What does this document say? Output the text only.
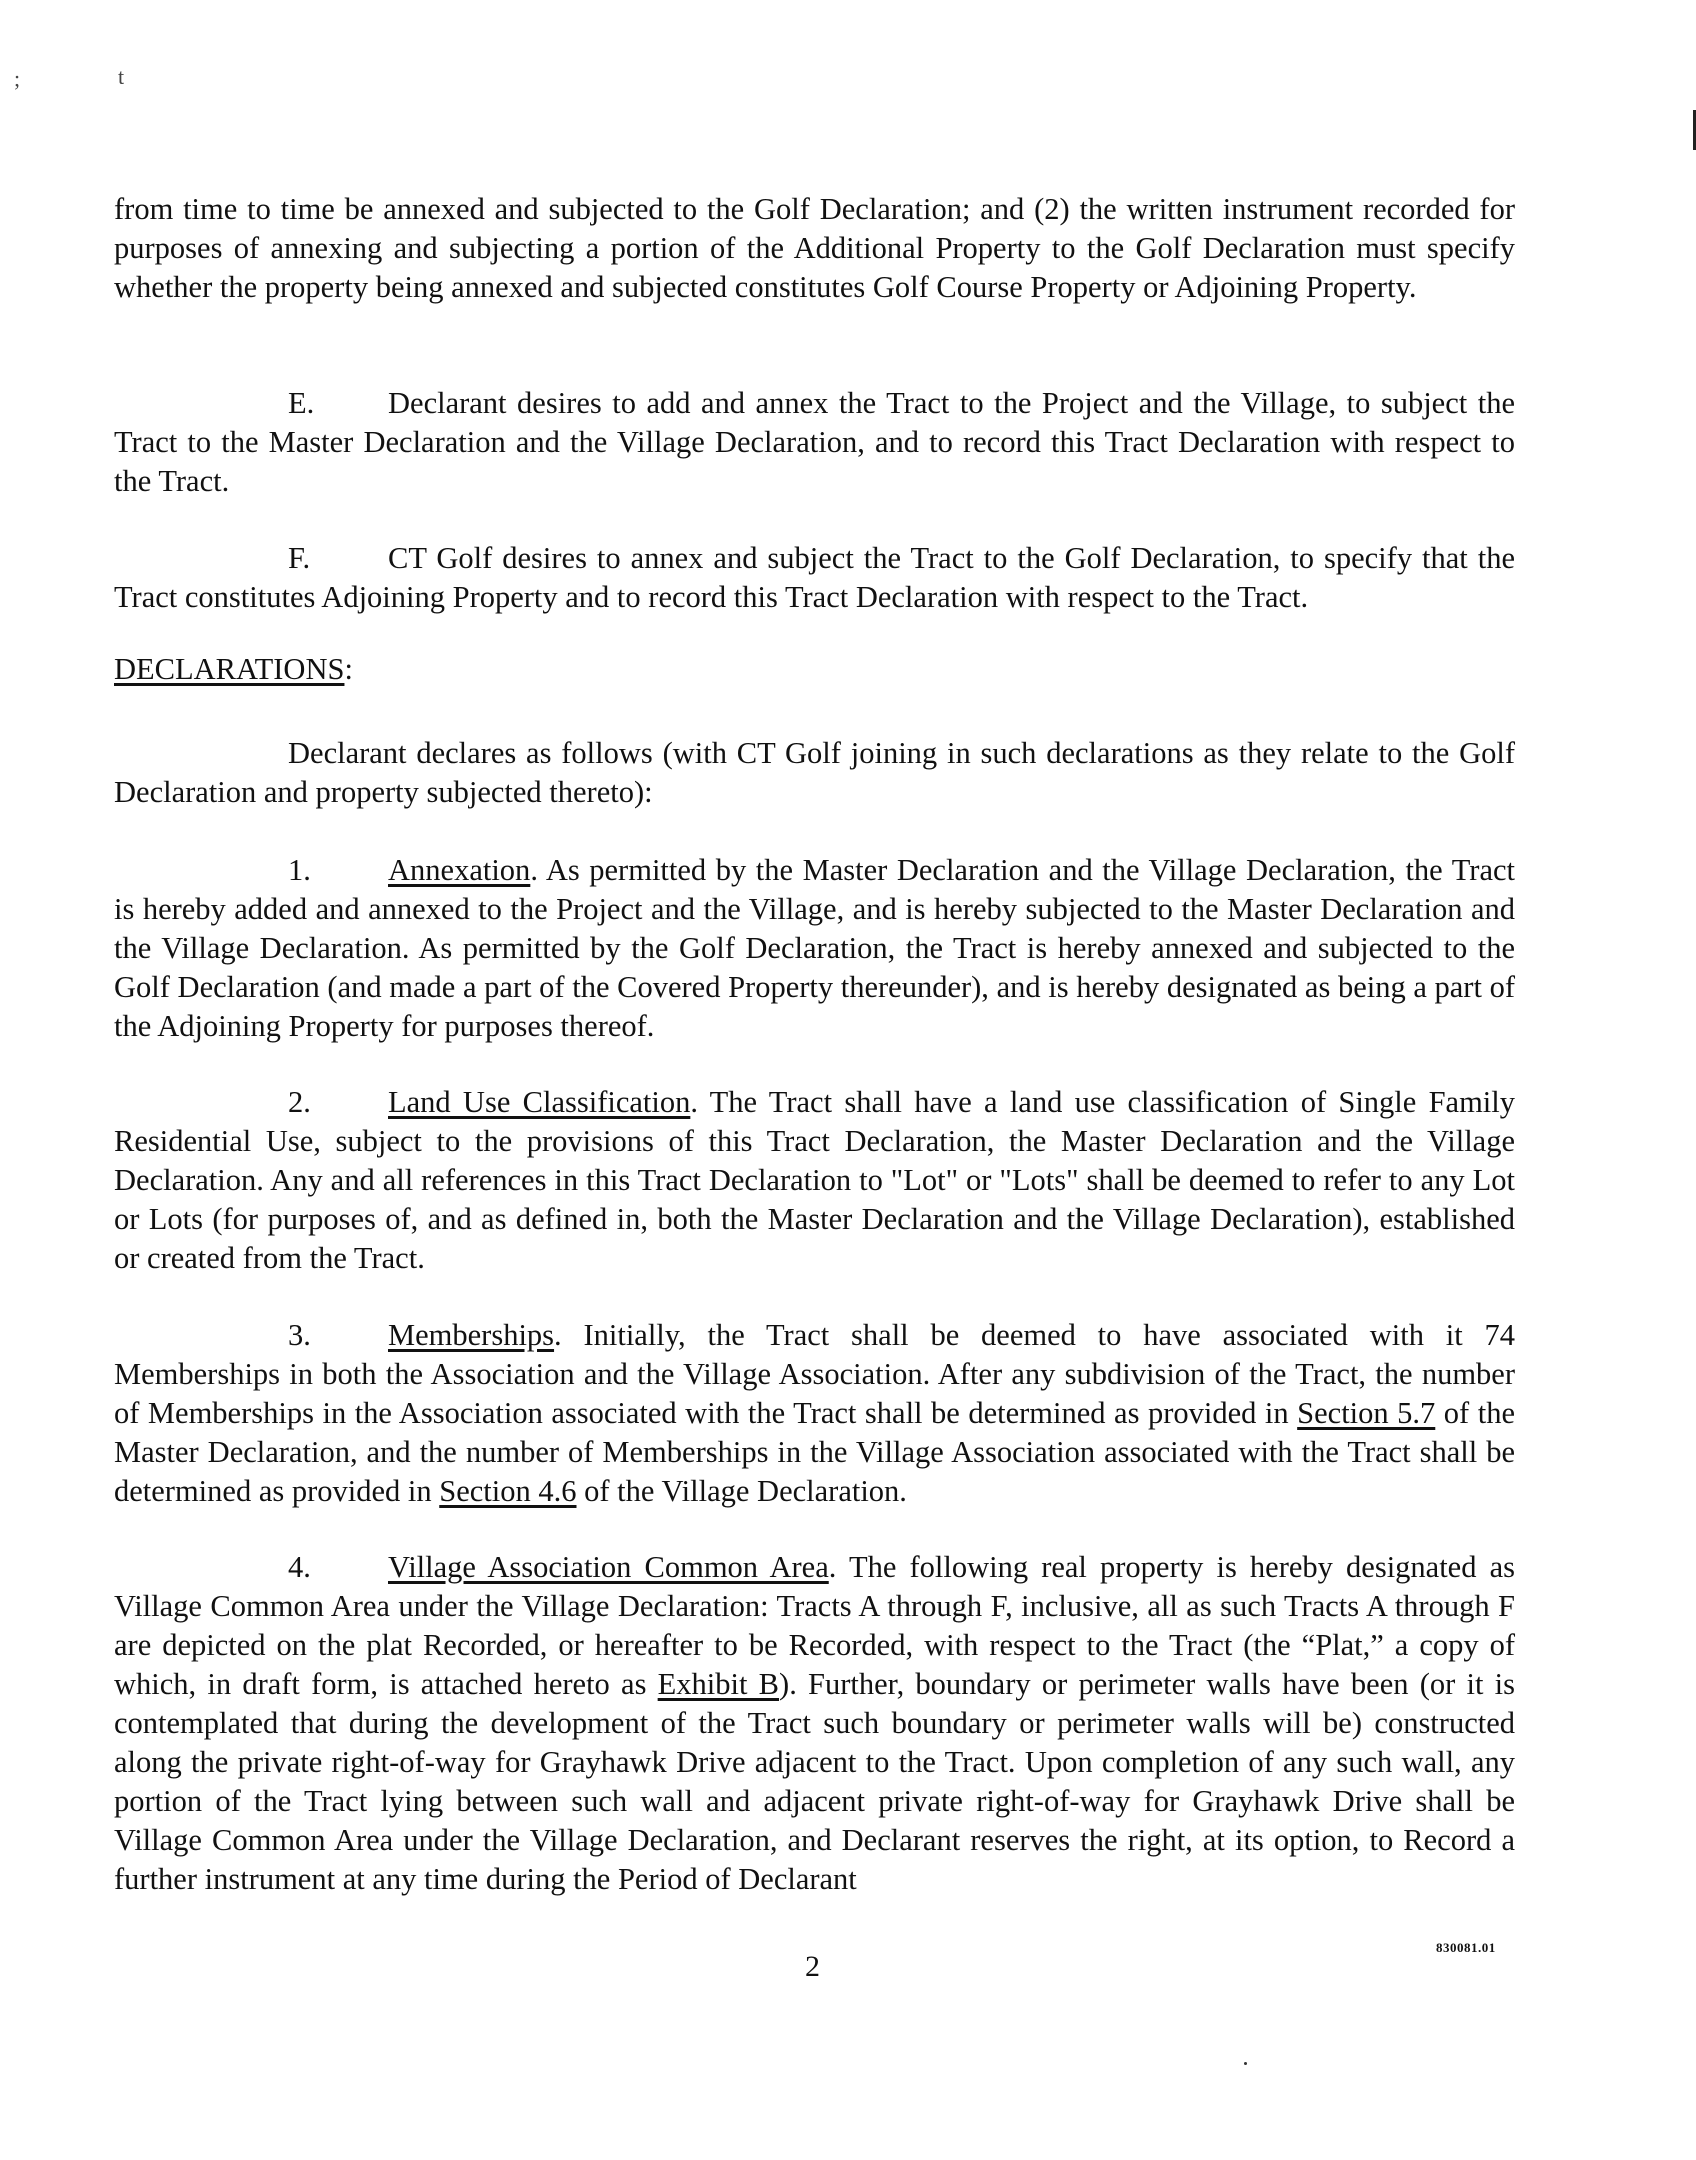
;	t

from time to time be annexed and subjected to the Golf Declaration; and (2) the written instrument recorded for purposes of annexing and subjecting a portion of the Additional Property to the Golf Declaration must specify whether the property being annexed and subjected constitutes Golf Course Property or Adjoining Property.

E. Declarant desires to add and annex the Tract to the Project and the Village, to subject the Tract to the Master Declaration and the Village Declaration, and to record this Tract Declaration with respect to the Tract.

F.	CT Golf desires to annex and subject the Tract to the Golf Declaration, to specify that the Tract constitutes Adjoining Property and to record this Tract Declaration with respect to the Tract.

DECLARATIONS:

Declarant declares as follows (with CT Golf joining in such declarations as they relate to the Golf Declaration and property subjected thereto):

1.	Annexation. As permitted by the Master Declaration and the Village Declaration, the Tract is hereby added and annexed to the Project and the Village, and is hereby subjected to the Master Declaration and the Village Declaration. As permitted by the Golf Declaration, the Tract is hereby annexed and subjected to the Golf Declaration (and made a part of the Covered Property thereunder), and is hereby designated as being a part of the Adjoining Property for purposes thereof.

2.	Land Use Classification. The Tract shall have a land use classification of Single Family Residential Use, subject to the provisions of this Tract Declaration, the Master Declaration and the Village Declaration. Any and all references in this Tract Declaration to "Lot" or "Lots" shall be deemed to refer to any Lot or Lots (for purposes of, and as defined in, both the Master Declaration and the Village Declaration), established or created from the Tract.

3.	Memberships. Initially, the Tract shall be deemed to have associated with it 74 Memberships in both the Association and the Village Association. After any subdivision of the Tract, the number of Memberships in the Association associated with the Tract shall be determined as provided in Section 5.7 of the Master Declaration, and the number of Memberships in the Village Association associated with the Tract shall be determined as provided in Section 4.6 of the Village Declaration.

4.	Village Association Common Area. The following real property is hereby designated as Village Common Area under the Village Declaration: Tracts A through F, inclusive, all as such Tracts A through F are depicted on the plat Recorded, or hereafter to be Recorded, with respect to the Tract (the “Plat,” a copy of which, in draft form, is attached hereto as Exhibit B). Further, boundary or perimeter walls have been (or it is contemplated that during the development of the Tract such boundary or perimeter walls will be) constructed along the private right-of-way for Grayhawk Drive adjacent to the Tract. Upon completion of any such wall, any portion of the Tract lying between such wall and adjacent private right-of-way for Grayhawk Drive shall be Village Common Area under the Village Declaration, and Declarant reserves the right, at its option, to Record a further instrument at any time during the Period of Declarant

830081.01
2
